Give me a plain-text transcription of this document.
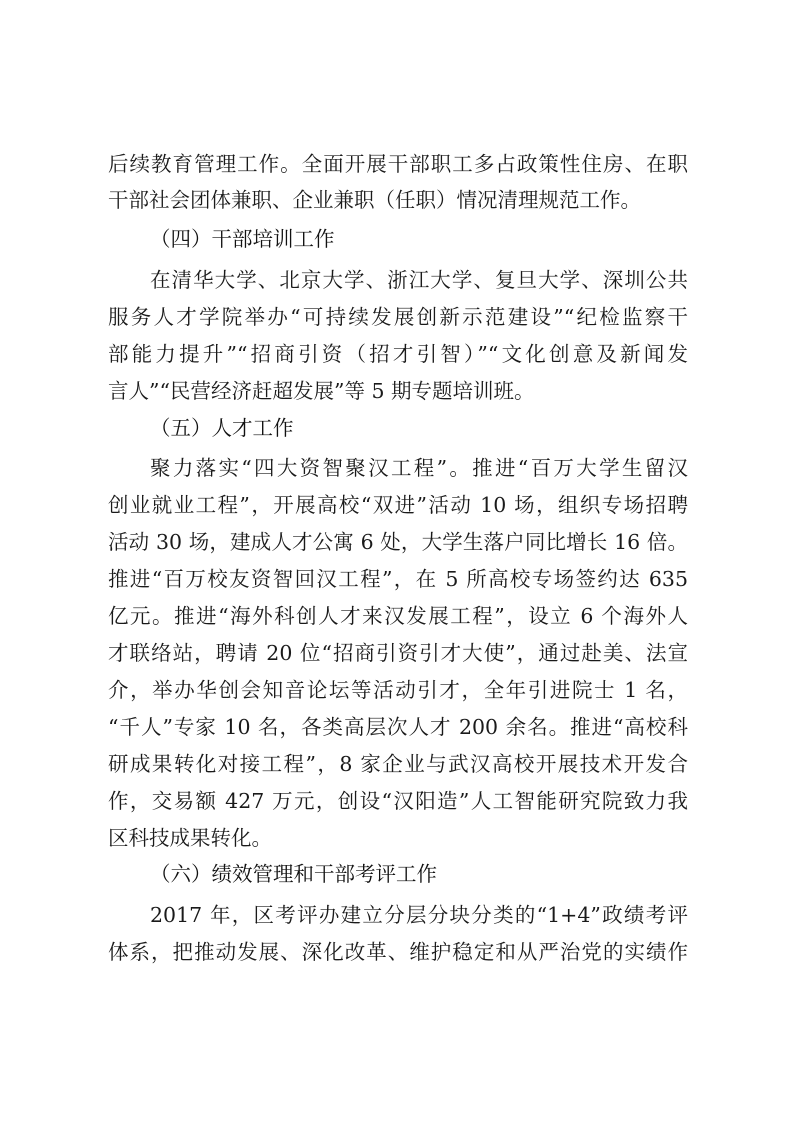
后续教育管理工作。全面开展干部职工多占政策性住房、在职
干部社会团体兼职、企业兼职（任职）情况清理规范工作。
（四）干部培训工作
在清华大学、北京大学、浙江大学、复旦大学、深圳公共
服务人才学院举办“可持续发展创新示范建设”“纪检监察干
部能力提升”“招商引资（招才引智）”“文化创意及新闻发
言人”“民营经济赶超发展”等 5 期专题培训班。
（五）人才工作
聚力落实“四大资智聚汉工程”。推进“百万大学生留汉
创业就业工程”，开展高校“双进”活动 10 场，组织专场招聘
活动 30 场，建成人才公寓 6 处，大学生落户同比增长 16 倍。
推进“百万校友资智回汉工程”，在 5 所高校专场签约达 635
亿元。推进“海外科创人才来汉发展工程”，设立 6 个海外人
才联络站，聘请 20 位“招商引资引才大使”，通过赴美、法宣
介，举办华创会知音论坛等活动引才，全年引进院士 1 名，
“千人”专家 10 名，各类高层次人才 200 余名。推进“高校科
研成果转化对接工程”，8 家企业与武汉高校开展技术开发合
作，交易额 427 万元，创设“汉阳造”人工智能研究院致力我
区科技成果转化。
（六）绩效管理和干部考评工作
2017 年，区考评办建立分层分块分类的“1+4”政绩考评
体系，把推动发展、深化改革、维护稳定和从严治党的实绩作
